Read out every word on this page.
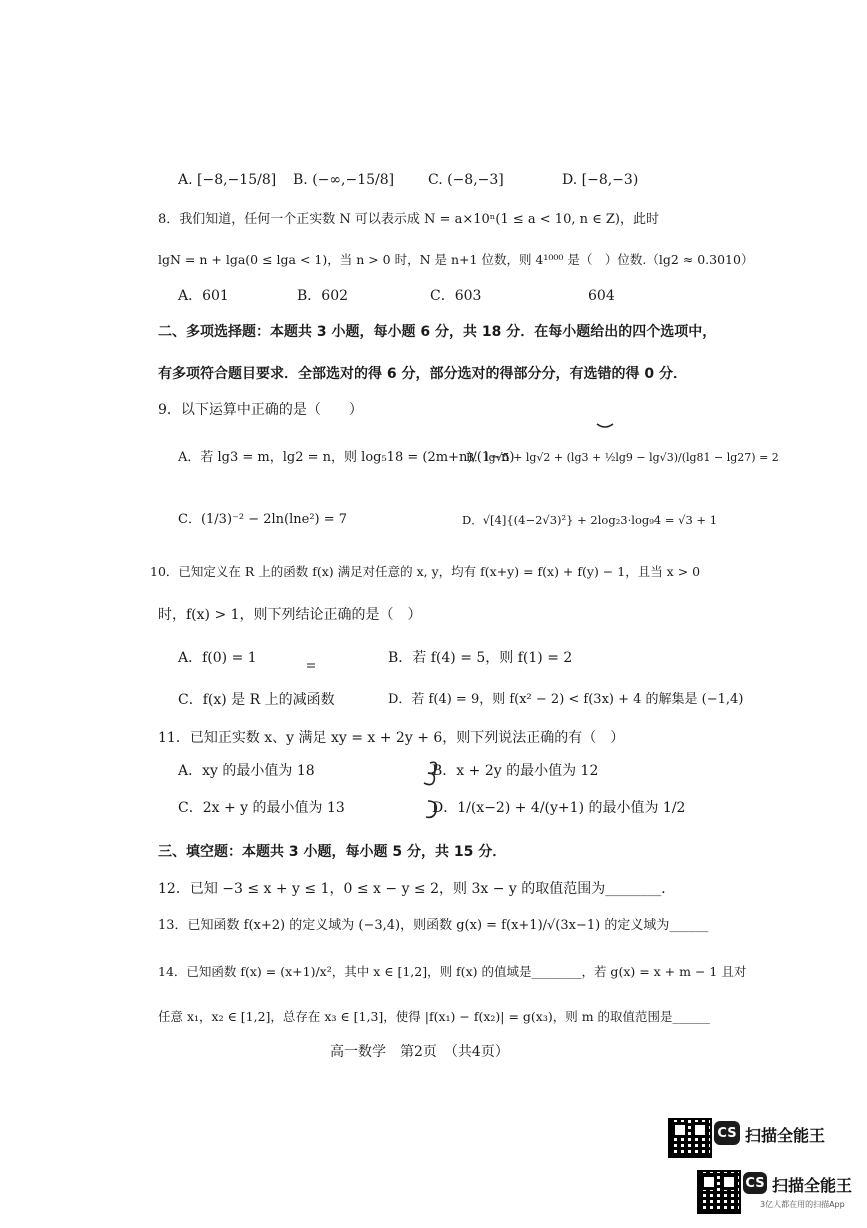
A. [−8,−15/8] B. (−∞,−15/8] C. (−8,−3]	D. [−8,−3)
8．我们知道，任何一个正实数 N 可以表示成 N = a×10ⁿ(1 ≤ a < 10, n ∈ Z)，此时
lgN = n + lga(0 ≤ lga < 1)，当 n > 0 时，N 是 n+1 位数，则 4¹⁰⁰⁰ 是（　）位数.（lg2 ≈ 0.3010）
A．601	B．602	C．603	604
二、多项选择题：本题共 3 小题，每小题 6 分，共 18 分．在每小题给出的四个选项中，
有多项符合题目要求．全部选对的得 6 分，部分选对的得部分分，有选错的得 0 分．
9．以下运算中正确的是（　　）
A．若 lg3 = m，lg2 = n，则 log₅18 = (2m+n)/(1−n)
B．lg√5 + lg√2 + (lg3 + ½lg9 − lg√3)/(lg81 − lg27) = 2
C．(1/3)⁻² − 2ln(lne²) = 7	D．√[4]{(4−2√3)²} + 2log₂3·log₉4 = √3 + 1
10．已知定义在 R 上的函数 f(x) 满足对任意的 x, y，均有 f(x+y) = f(x) + f(y) − 1，且当 x > 0
时，f(x) > 1，则下列结论正确的是（　）
A．f(0) = 1	B．若 f(4) = 5，则 f(1) = 2
C．f(x) 是 R 上的减函数	D．若 f(4) = 9，则 f(x² − 2) < f(3x) + 4 的解集是 (−1,4)
11．已知正实数 x、y 满足 xy = x + 2y + 6，则下列说法正确的有（　）
A．xy 的最小值为 18	B．x + 2y 的最小值为 12
C．2x + y 的最小值为 13	D．1/(x−2) + 4/(y+1) 的最小值为 1/2
三、填空题：本题共 3 小题，每小题 5 分，共 15 分．
12．已知 −3 ≤ x + y ≤ 1，0 ≤ x − y ≤ 2，则 3x − y 的取值范围为________．
13．已知函数 f(x+2) 的定义域为 (−3,4)，则函数 g(x) = f(x+1)/√(3x−1) 的定义域为______
14．已知函数 f(x) = (x+1)/x²，其中 x ∈ [1,2]，则 f(x) 的值域是________，若 g(x) = x + m − 1 且对
任意 x₁，x₂ ∈ [1,2]，总存在 x₃ ∈ [1,3]，使得 |f(x₁) − f(x₂)| = g(x₃)，则 m 的取值范围是______
高一数学　第2页　（共4页）
CS 扫描全能王
CS 扫描全能王
3亿人都在用的扫描App
